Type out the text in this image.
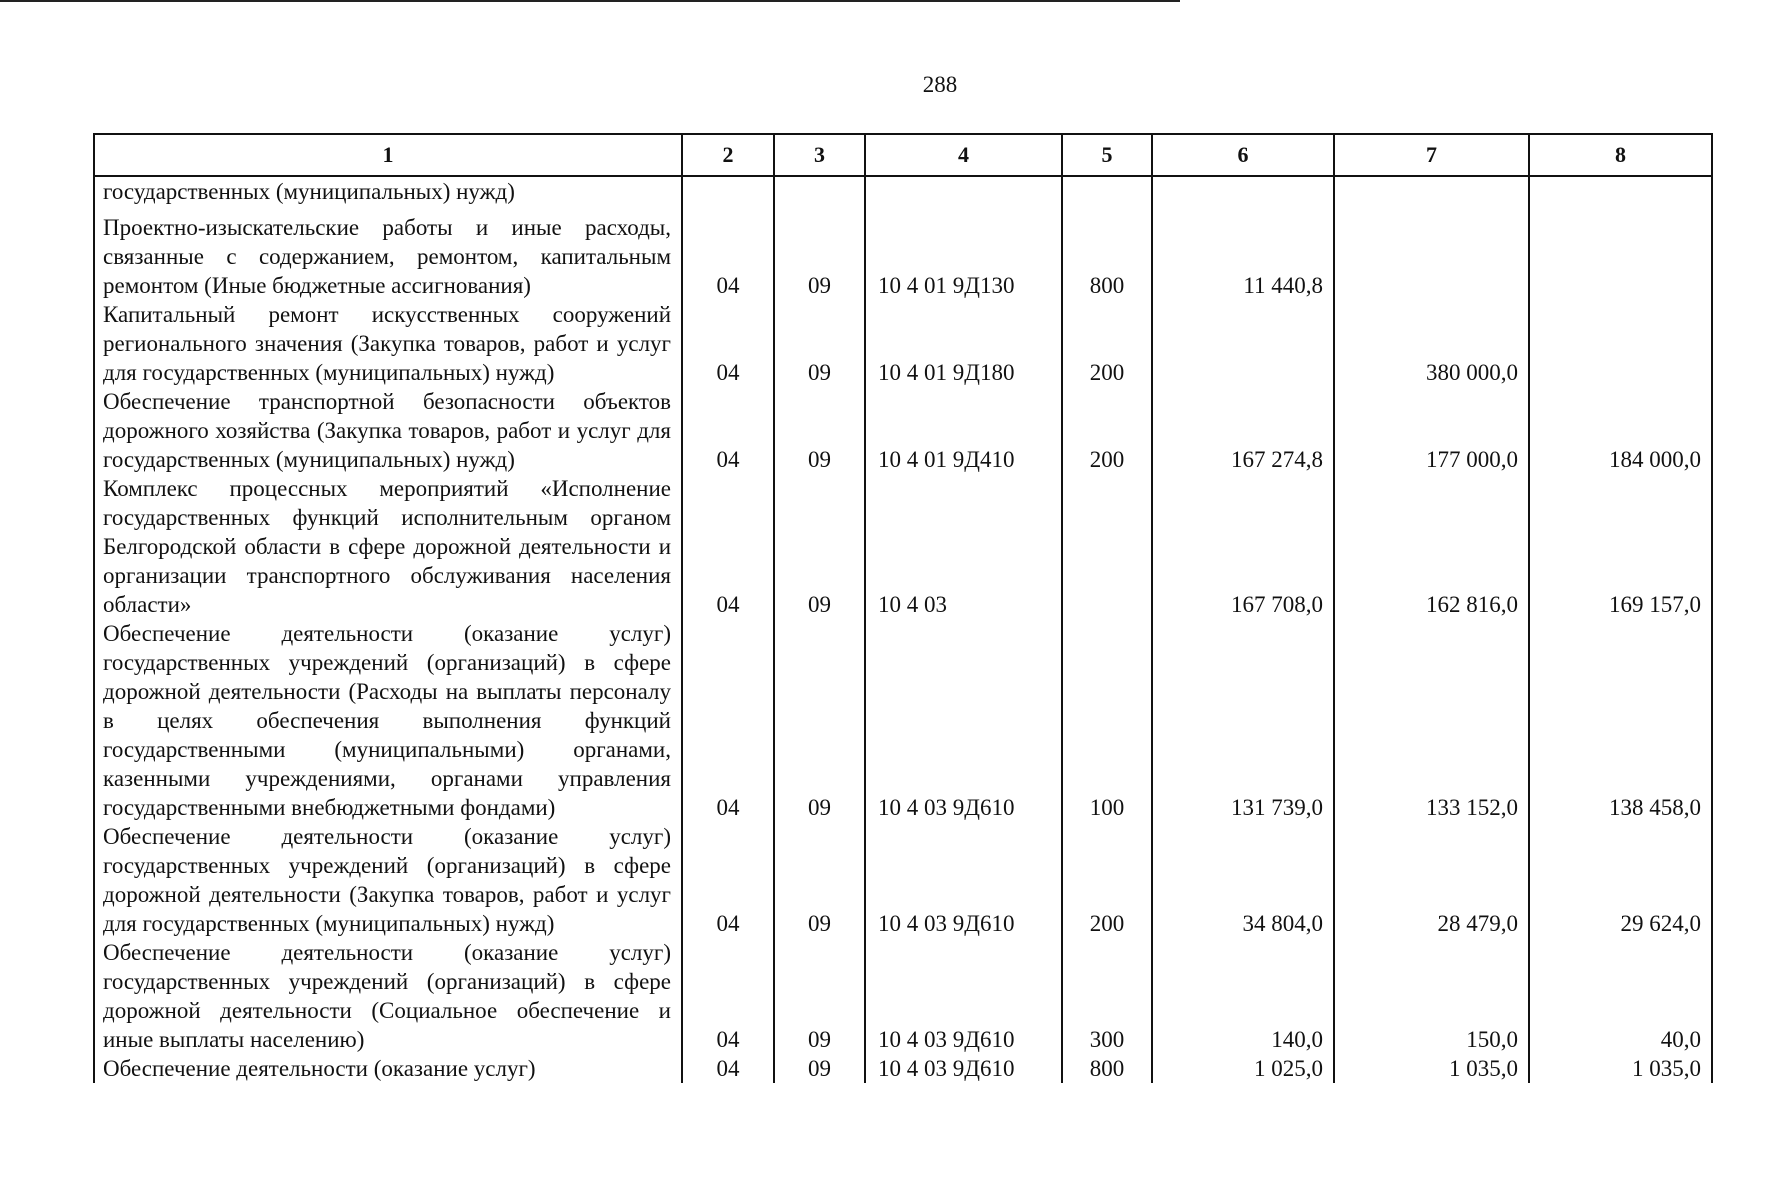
288
1	2	3	4	5	6	7	8
государственных (муниципальных) нужд)							
Проектно-изыскательские работы и иные расходы, связанные с содержанием, ремонтом, капитальным ремонтом (Иные бюджетные ассигнования)	04	09	10 4 01 9Д130	800	11 440,8		
Капитальный ремонт искусственных сооружений регионального значения (Закупка товаров, работ и услуг для государственных (муниципальных) нужд)	04	09	10 4 01 9Д180	200		380 000,0	
Обеспечение транспортной безопасности объектов дорожного хозяйства (Закупка товаров, работ и услуг для государственных (муниципальных) нужд)	04	09	10 4 01 9Д410	200	167 274,8	177 000,0	184 000,0
Комплекс процессных мероприятий «Исполнение государственных функций исполнительным органом Белгородской области в сфере дорожной деятельности и организации транспортного обслуживания населения области»	04	09	10 4 03		167 708,0	162 816,0	169 157,0
Обеспечение деятельности (оказание услуг) государственных учреждений (организаций) в сфере дорожной деятельности (Расходы на выплаты персоналу в целях обеспечения выполнения функций государственными (муниципальными) органами, казенными учреждениями, органами управления государственными внебюджетными фондами)	04	09	10 4 03 9Д610	100	131 739,0	133 152,0	138 458,0
Обеспечение деятельности (оказание услуг) государственных учреждений (организаций) в сфере дорожной деятельности (Закупка товаров, работ и услуг для государственных (муниципальных) нужд)	04	09	10 4 03 9Д610	200	34 804,0	28 479,0	29 624,0
Обеспечение деятельности (оказание услуг) государственных учреждений (организаций) в сфере дорожной деятельности (Социальное обеспечение и иные выплаты населению)	04	09	10 4 03 9Д610	300	140,0	150,0	40,0
Обеспечение деятельности (оказание услуг)	04	09	10 4 03 9Д610	800	1 025,0	1 035,0	1 035,0
